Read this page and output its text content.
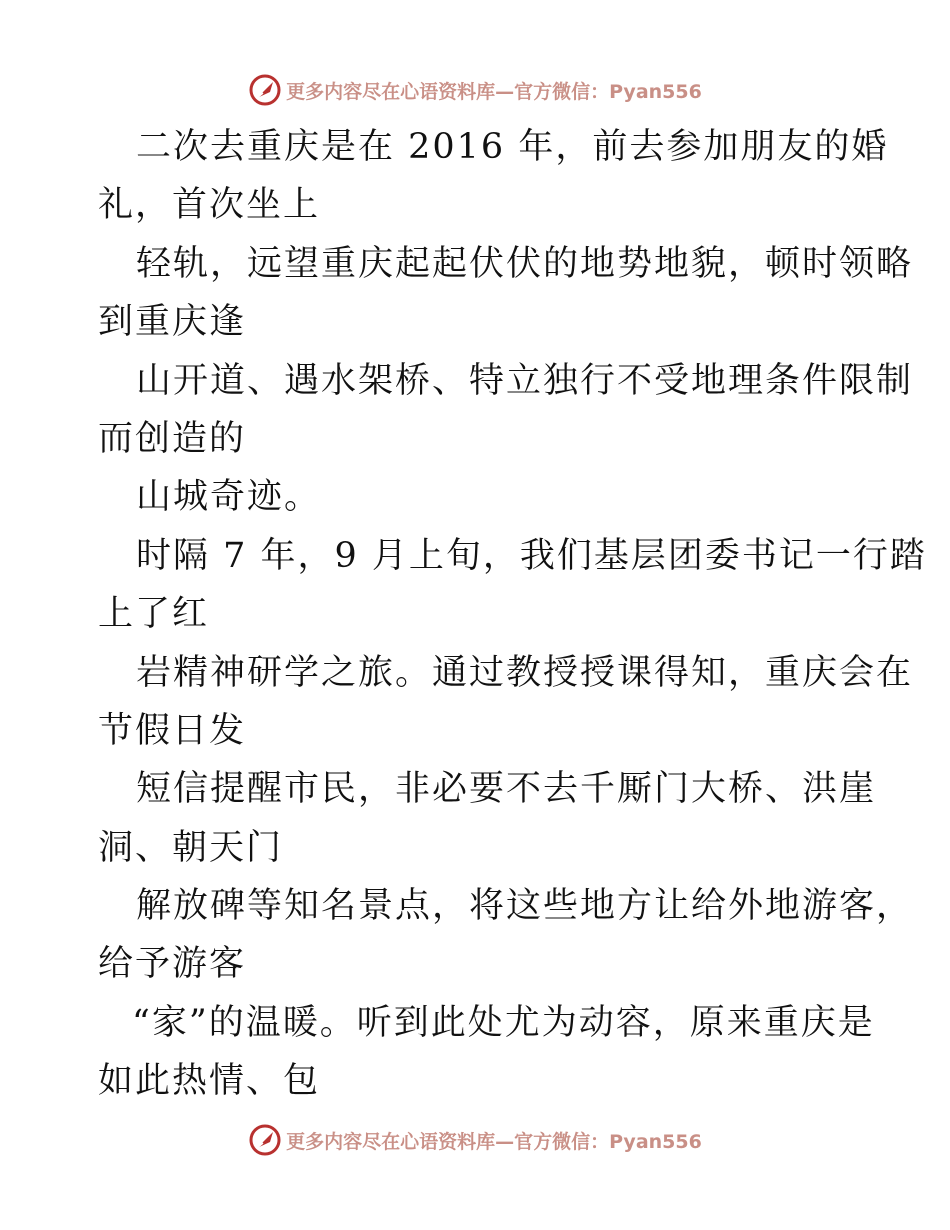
更多内容尽在心语资料库—官方微信：Pyan556
二次去重庆是在 2016 年，前去参加朋友的婚
礼，首次坐上
轻轨，远望重庆起起伏伏的地势地貌，顿时领略
到重庆逢
山开道、遇水架桥、特立独行不受地理条件限制
而创造的
山城奇迹。
时隔 7 年，9 月上旬，我们基层团委书记一行踏
上了红
岩精神研学之旅。通过教授授课得知，重庆会在
节假日发
短信提醒市民，非必要不去千厮门大桥、洪崖
洞、朝天门
解放碑等知名景点，将这些地方让给外地游客，
给予游客
“家”的温暖。听到此处尤为动容，原来重庆是
如此热情、包
更多内容尽在心语资料库—官方微信：Pyan556
